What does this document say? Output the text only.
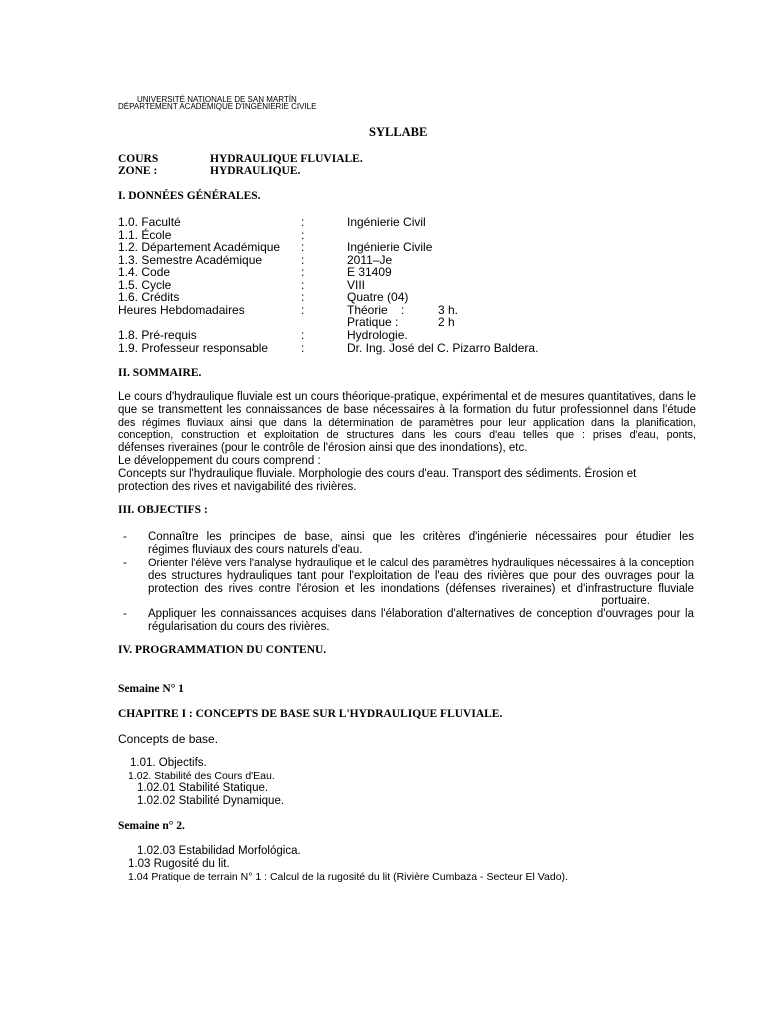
UNIVERSITÉ NATIONALE DE SAN MARTÍN
DÉPARTEMENT ACADÉMIQUE D'INGÉNIERIE CIVILE
SYLLABE
COURS	HYDRAULIQUE FLUVIALE.
ZONE :	HYDRAULIQUE.
I. DONNÉES GÉNÉRALES.
1.0. Faculté	:	Ingénierie Civil
1.1. École	:
1.2. Département Académique :	Ingénierie Civile
1.3. Semestre Académique	:	2011–Je
1.4. Code	:	E 31409
1.5. Cycle	:	VIII
1.6. Crédits	:	Quatre (04)
Heures Hebdomadaires	:	Théorie    :	3 h.
Pratique :	2 h
1.8. Pré-requis	:	Hydrologie.
1.9. Professeur responsable	:	Dr. Ing. José del C. Pizarro Baldera.
II. SOMMAIRE.
Le cours d'hydraulique fluviale est un cours théorique-pratique, expérimental et de mesures quantitatives, dans le
que se transmettent les connaissances de base nécessaires à la formation du futur professionnel dans l'étude
des régimes fluviaux ainsi que dans la détermination de paramètres pour leur application dans la planification,
conception, construction et exploitation de structures dans les cours d'eau telles que : prises d'eau, ponts,
défenses riveraines (pour le contrôle de l'érosion ainsi que des inondations), etc.
Le développement du cours comprend :
Concepts sur l'hydraulique fluviale. Morphologie des cours d'eau. Transport des sédiments. Érosion et
protection des rives et navigabilité des rivières.
III. OBJECTIFS :
- Connaître les principes de base, ainsi que les critères d'ingénierie nécessaires pour étudier les
régimes fluviaux des cours naturels d'eau.
- Orienter l'élève vers l'analyse hydraulique et le calcul des paramètres hydrauliques nécessaires à la conception
des structures hydrauliques tant pour l'exploitation de l'eau des rivières que pour des ouvrages pour la
protection des rives contre l'érosion et les inondations (défenses riveraines) et d'infrastructure fluviale
portuaire.
- Appliquer les connaissances acquises dans l'élaboration d'alternatives de conception d'ouvrages pour la
régularisation du cours des rivières.
IV. PROGRAMMATION DU CONTENU.
Semaine N° 1
CHAPITRE I : CONCEPTS DE BASE SUR L'HYDRAULIQUE FLUVIALE.
Concepts de base.
1.01. Objectifs.
1.02. Stabilité des Cours d'Eau.
1.02.01 Stabilité Statique.
1.02.02 Stabilité Dynamique.
Semaine n° 2.
1.02.03 Estabilidad Morfológica.
1.03 Rugosité du lit.
1.04 Pratique de terrain N° 1 : Calcul de la rugosité du lit (Rivière Cumbaza - Secteur El Vado).
